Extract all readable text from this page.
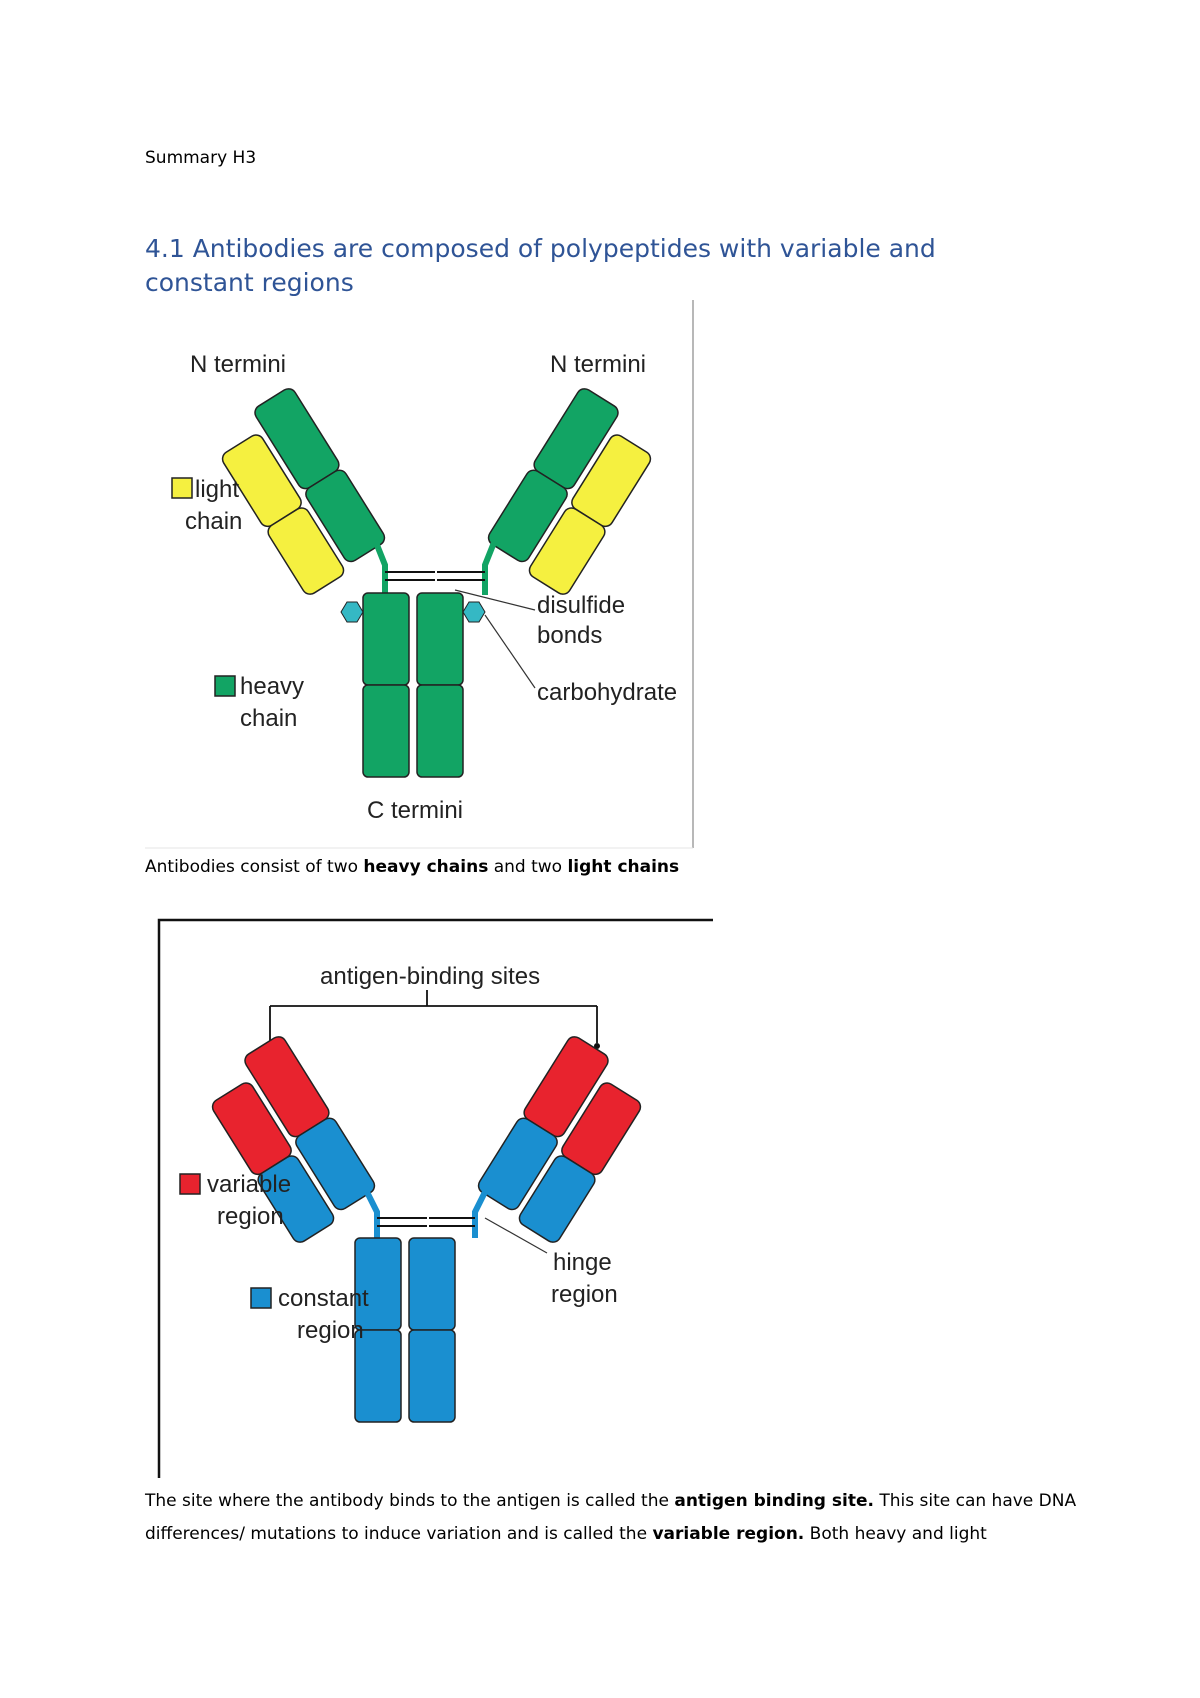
Summary H3
4.1 Antibodies are composed of polypeptides with variable and constant regions
N termini	N termini
light
chain
heavy
chain
disulfide
bonds
carbohydrate
C termini
Antibodies consist of two heavy chains and two light chains
antigen-binding sites
variable
region
constant
region
hinge
region
The site where the antibody binds to the antigen is called the antigen binding site. This site can have DNA differences/ mutations to induce variation and is called the variable region. Both heavy and light
